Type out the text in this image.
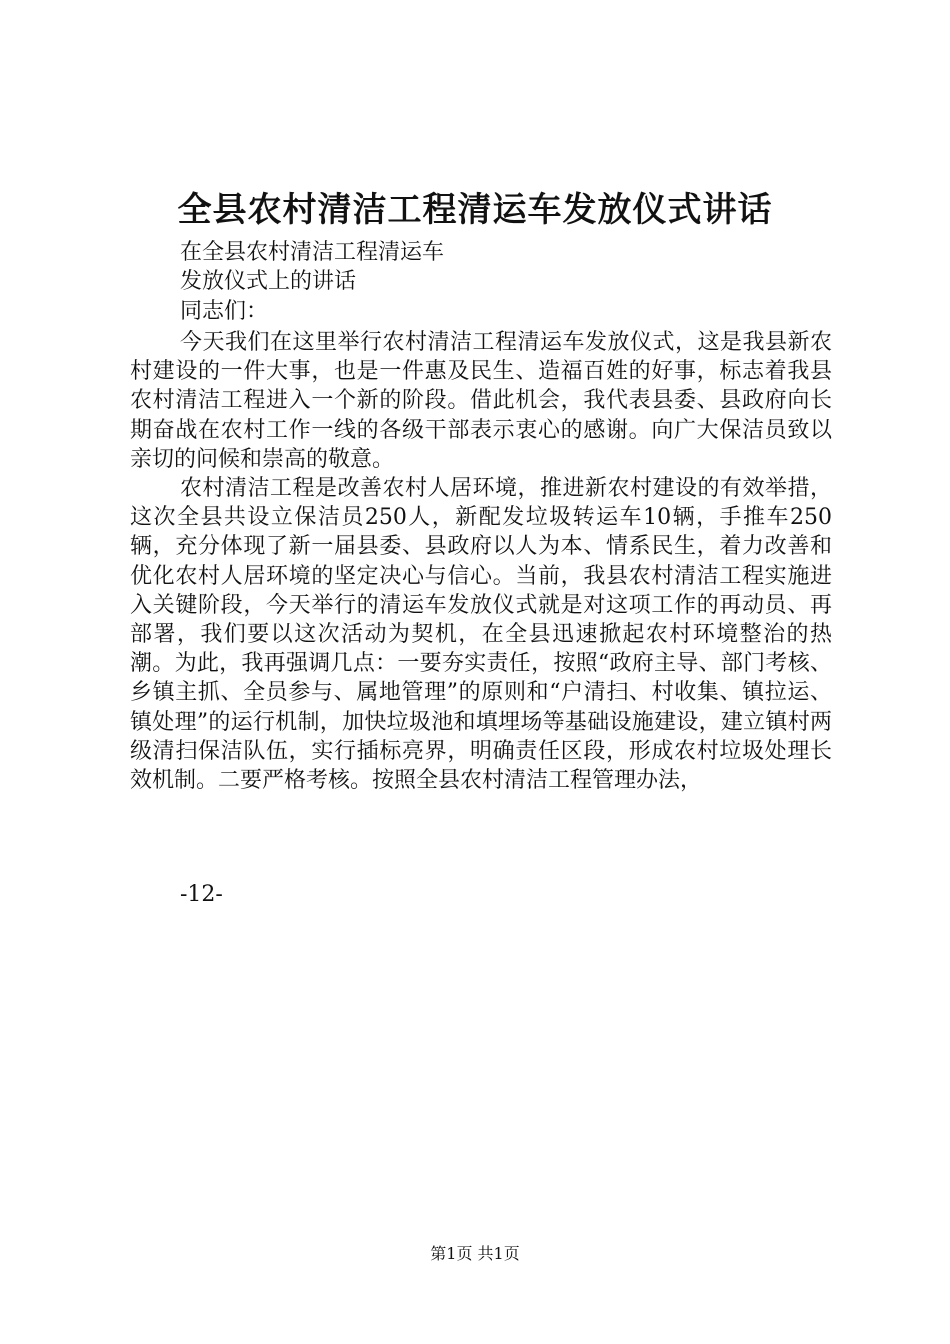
全县农村清洁工程清运车发放仪式讲话
在全县农村清洁工程清运车
发放仪式上的讲话
同志们：

今天我们在这里举行农村清洁工程清运车发放仪式，这是我县新农村建设的一件大事，也是一件惠及民生、造福百姓的好事，标志着我县农村清洁工程进入一个新的阶段。借此机会，我代表县委、县政府向长期奋战在农村工作一线的各级干部表示衷心的感谢。向广大保洁员致以亲切的问候和崇高的敬意。

农村清洁工程是改善农村人居环境，推进新农村建设的有效举措，这次全县共设立保洁员250人，新配发垃圾转运车10辆，手推车250辆，充分体现了新一届县委、县政府以人为本、情系民生，着力改善和优化农村人居环境的坚定决心与信心。当前，我县农村清洁工程实施进入关键阶段，今天举行的清运车发放仪式就是对这项工作的再动员、再部署，我们要以这次活动为契机，在全县迅速掀起农村环境整治的热潮。为此，我再强调几点：一要夯实责任，按照“政府主导、部门考核、乡镇主抓、全员参与、属地管理”的原则和“户清扫、村收集、镇拉运、镇处理”的运行机制，加快垃圾池和填埋场等基础设施建设，建立镇村两级清扫保洁队伍，实行插标亮界，明确责任区段，形成农村垃圾处理长效机制。二要严格考核。按照全县农村清洁工程管理办法，

-12-
第1页 共1页
